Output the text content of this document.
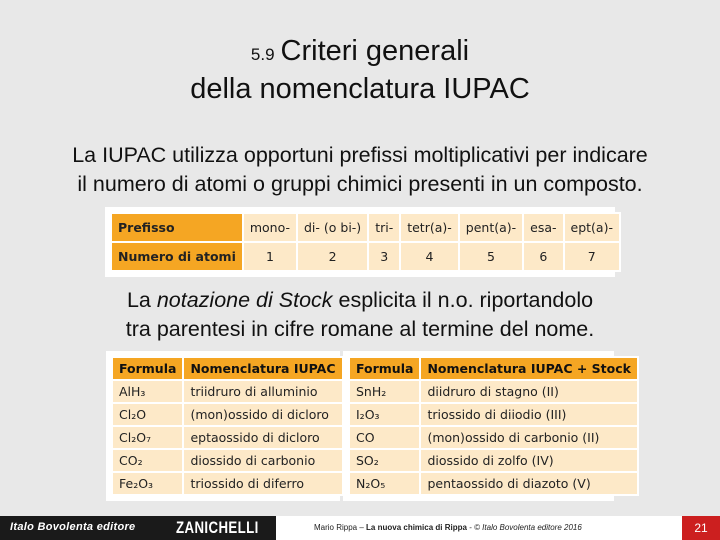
5.9 Criteri generali
della nomenclatura IUPAC
La IUPAC utilizza opportuni prefissi moltiplicativi per indicare
il numero di atomi o gruppi chimici presenti in un composto.
Prefisso	mono-	di- (o bi-)	tri-	tetr(a)-	pent(a)-	esa-	ept(a)-
Numero di atomi	1	2	3	4	5	6	7
La notazione di Stock esplicita il n.o. riportandolo
tra parentesi in cifre romane al termine del nome.
Formula	Nomenclatura IUPAC
AlH₃	triidruro di alluminio
Cl₂O	(mon)ossido di dicloro
Cl₂O₇	eptaossido di dicloro
CO₂	diossido di carbonio
Fe₂O₃	triossido di diferro
Formula	Nomenclatura IUPAC + Stock
SnH₂	diidruro di stagno (II)
I₂O₃	triossido di diiodio (III)
CO	(mon)ossido di carbonio (II)
SO₂	diossido di zolfo (IV)
N₂O₅	pentaossido di diazoto (V)
Italo Bovolenta editore ZANICHELLI	Mario Rippa – La nuova chimica di Rippa - © Italo Bovolenta editore 2016	21
